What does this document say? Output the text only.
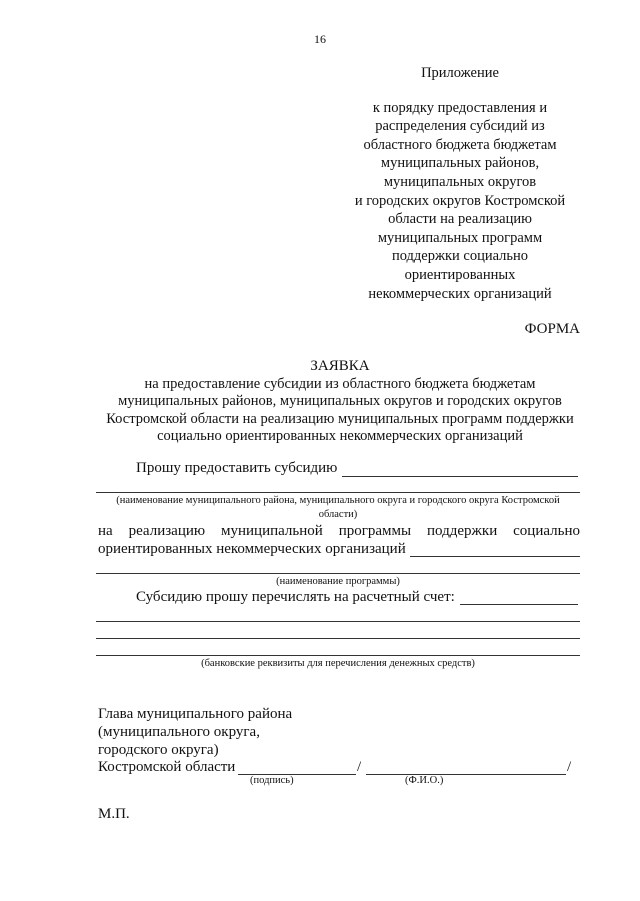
16
Приложение
к порядку предоставления и
распределения субсидий из
областного бюджета бюджетам
муниципальных районов,
муниципальных округов
и городских округов Костромской
области на реализацию
муниципальных программ
поддержки социально
ориентированных
некоммерческих организаций
ФОРМА
ЗАЯВКА
на предоставление субсидии из областного бюджета бюджетам
муниципальных районов, муниципальных округов и городских округов
Костромской области на реализацию муниципальных программ поддержки
социально ориентированных некоммерческих организаций
Прошу предоставить субсидию
(наименование муниципального района, муниципального округа и городского округа Костромской области)
на реализацию муниципальной программы поддержки социально
ориентированных некоммерческих организаций
(наименование программы)
Субсидию прошу перечислять на расчетный счет:
(банковские реквизиты для перечисления денежных средств)
Глава муниципального района
(муниципального округа,
городского округа)
Костромской области	/	/
(подпись)	(Ф.И.О.)
М.П.
